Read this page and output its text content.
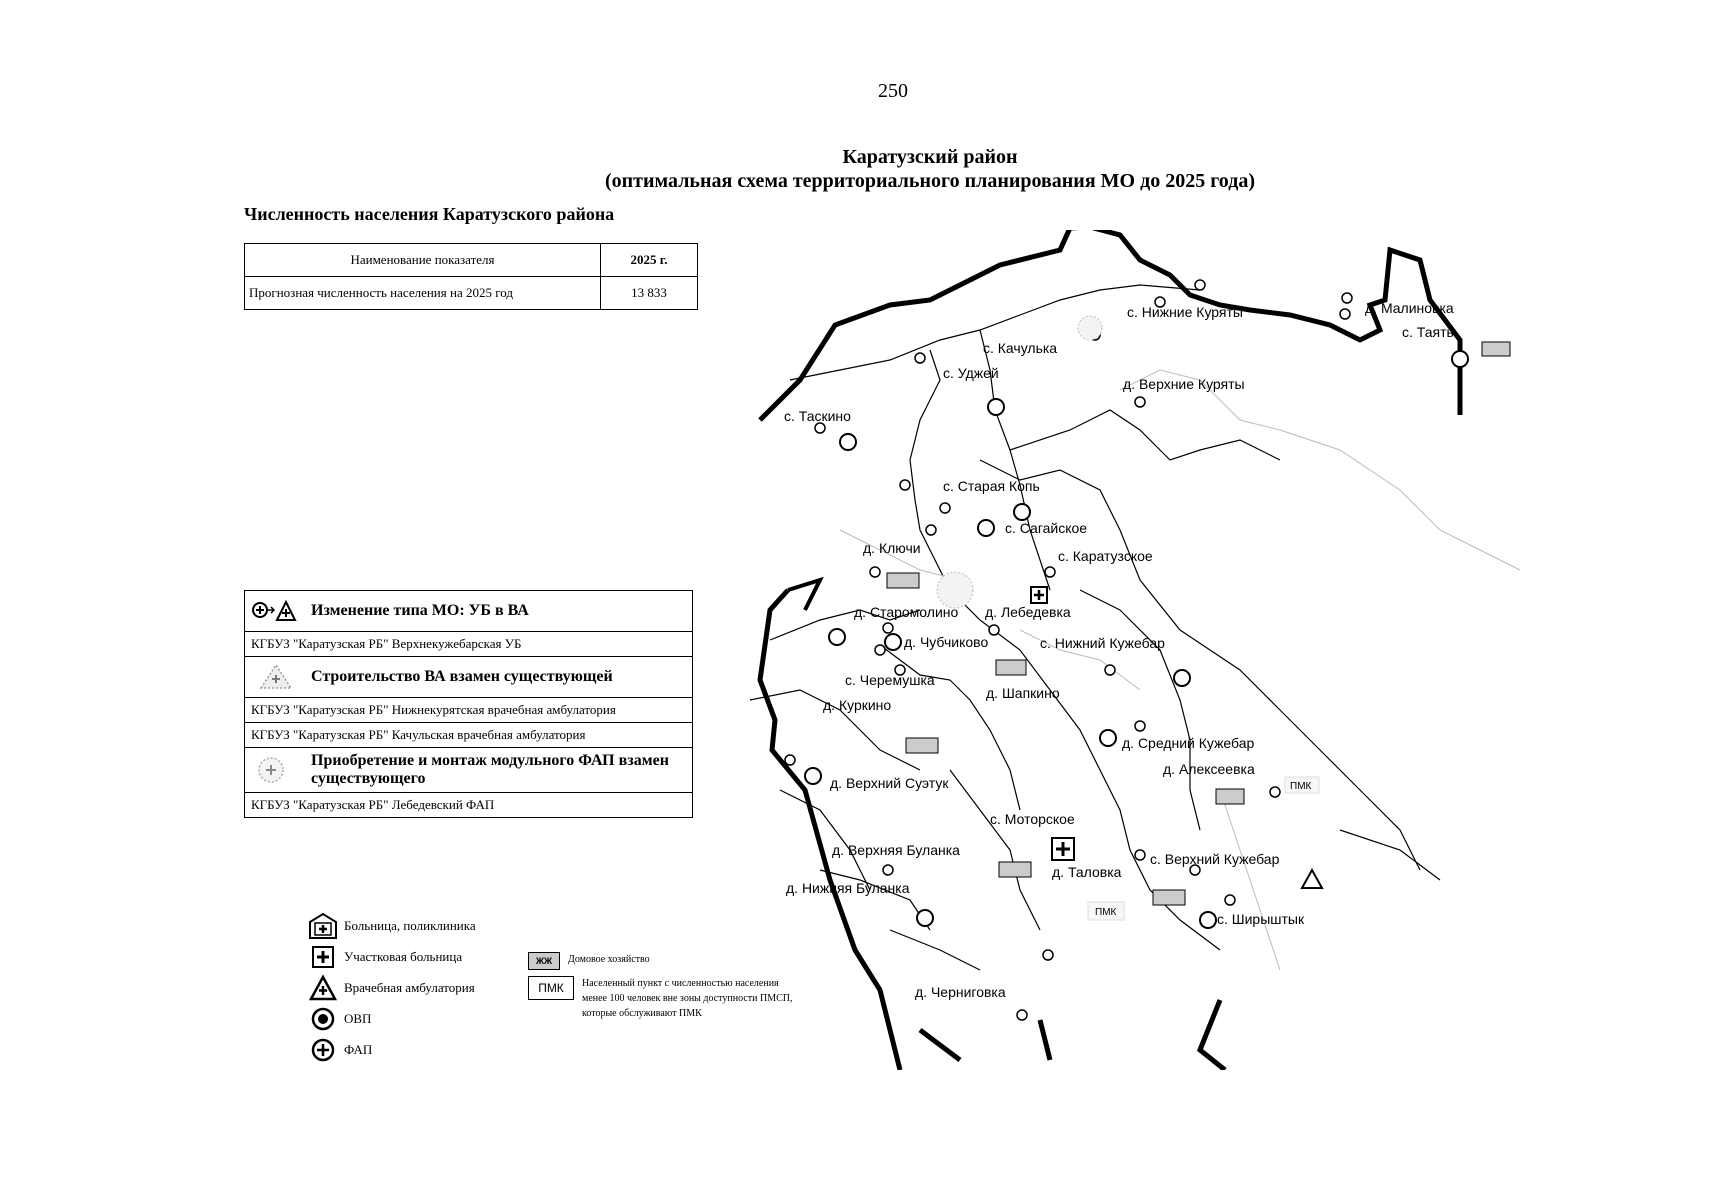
250
Каратузский район
(оптимальная схема территориального планирования МО до 2025 года)
Численность населения Каратузского района
Наименование показателя	2025 г.
Прогнозная численность населения на 2025 год	13 833
Изменение типа МО: УБ в ВА
КГБУЗ "Каратузская РБ" Верхнекужебарская УБ
Строительство ВА взамен существующей
КГБУЗ "Каратузская РБ" Нижнекурятская врачебная амбулатория
КГБУЗ "Каратузская РБ" Качульская врачебная амбулатория
Приобретение и монтаж модульного ФАП взамен существующего
КГБУЗ "Каратузская РБ" Лебедевский ФАП
Больница, поликлиника
Участковая больница
Врачебная амбулатория
ОВП
ФАП
ЖЖ	Домовое хозяйство
ПМК	Населенный пункт с численностью населения менее 100 человек вне зоны доступности ПМСП, которые обслуживают ПМК
д. Малиновка
с. Таяты
с. Нижние Куряты
с. Качулька
с. Уджей
д. Верхние Куряты
с. Таскино
с. Старая Копь
с. Сагайское
с. Каратузское
д. Ключи
д. Старомолино д. Лебедевка
д. Чубчиково	с. Нижний Кужебар
с. Черемушка
д. Шапкино
д. Куркино
д. Средний Кужебар
д. Алексеевка
д. Верхний Суэтук
с. Моторское
д. Верхняя Буланка
с. Верхний Кужебар
д. Таловка
д. Нижняя Буланка
с. Ширыштык
д. Черниговка
ПМК
ПМК
